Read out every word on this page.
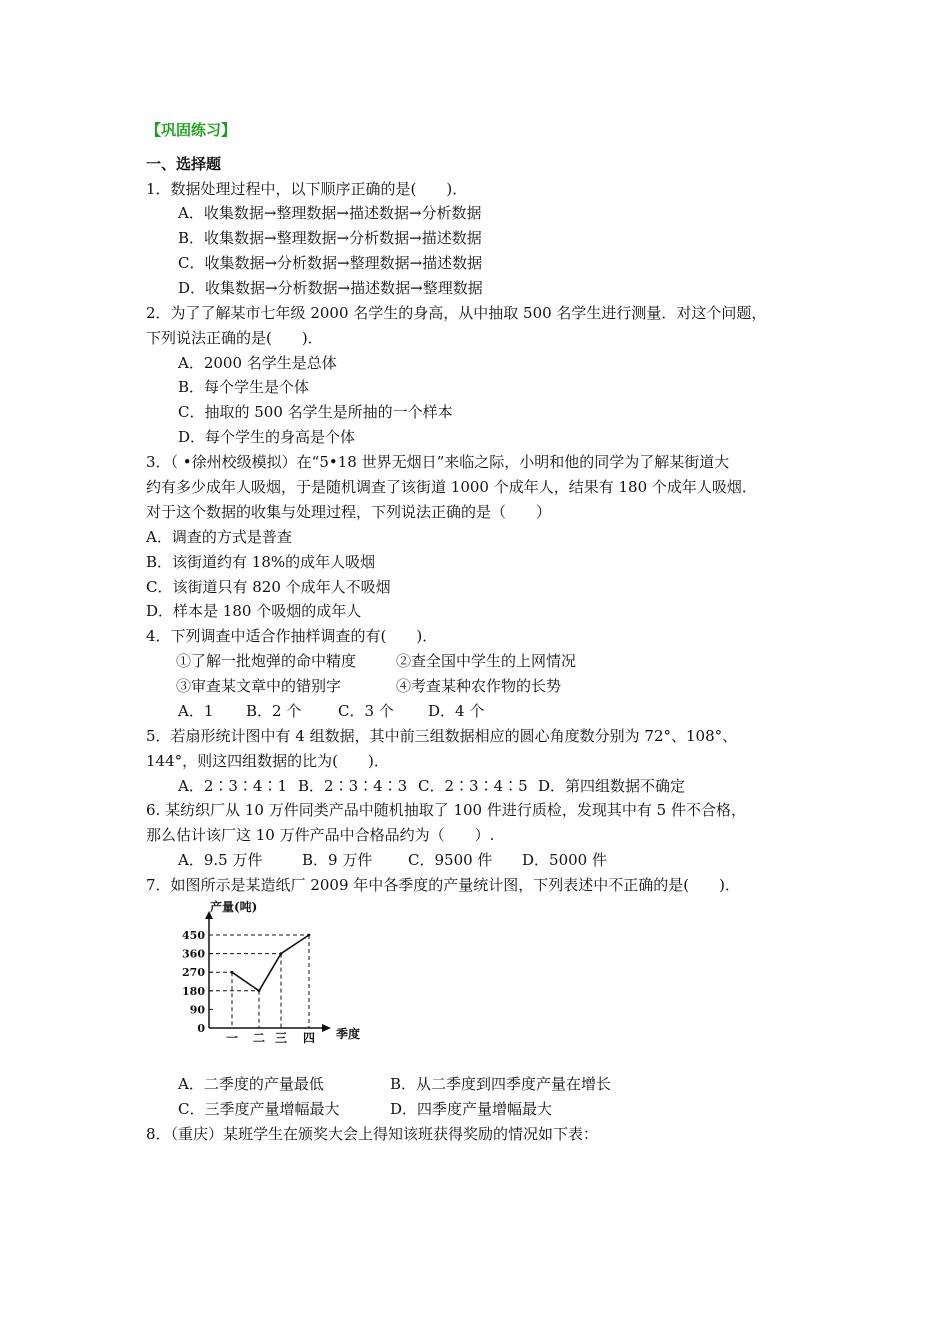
【巩固练习】
一、选择题
1．数据处理过程中，以下顺序正确的是(　　)．
A．收集数据→整理数据→描述数据→分析数据
B．收集数据→整理数据→分析数据→描述数据
C．收集数据→分析数据→整理数据→描述数据
D．收集数据→分析数据→描述数据→整理数据
2．为了了解某市七年级 2000 名学生的身高，从中抽取 500 名学生进行测量．对这个问题，
下列说法正确的是(　　)．
A．2000 名学生是总体
B．每个学生是个体
C．抽取的 500 名学生是所抽的一个样本
D．每个学生的身高是个体
3．（ •徐州校级模拟）在“5•18 世界无烟日”来临之际，小明和他的同学为了解某街道大
约有多少成年人吸烟，于是随机调查了该街道 1000 个成年人，结果有 180 个成年人吸烟．
对于这个数据的收集与处理过程，下列说法正确的是（　　）
A．调查的方式是普查
B．该街道约有 18%的成年人吸烟
C．该街道只有 820 个成年人不吸烟
D．样本是 180 个吸烟的成年人
4．下列调查中适合作抽样调查的有(　　)．
①了解一批炮弹的命中精度	②查全国中学生的上网情况
③审查某文章中的错别字	④考查某种农作物的长势
A．1 B．2 个 C．3 个 D．4 个
5．若扇形统计图中有 4 组数据，其中前三组数据相应的圆心角度数分别为 72°、108°、
144°，则这四组数据的比为(　　)．
A．2∶3∶4∶1 B．2∶3∶4∶3 C．2∶3∶4∶5 D．第四组数据不确定
6. 某纺织厂从 10 万件同类产品中随机抽取了 100 件进行质检，发现其中有 5 件不合格，
那么估计该厂这 10 万件产品中合格品约为（　　）.
A．9.5 万件	B．9 万件 C．9500 件 D．5000 件
7．如图所示是某造纸厂 2009 年中各季度的产量统计图，下列表述中不正确的是(　　)．
产量(吨)
季度
0
90
180
270
360
450
一 二 三 四
A．二季度的产量最低	B．从二季度到四季度产量在增长
C．三季度产量增幅最大	D．四季度产量增幅最大
8．（重庆）某班学生在颁奖大会上得知该班获得奖励的情况如下表：
